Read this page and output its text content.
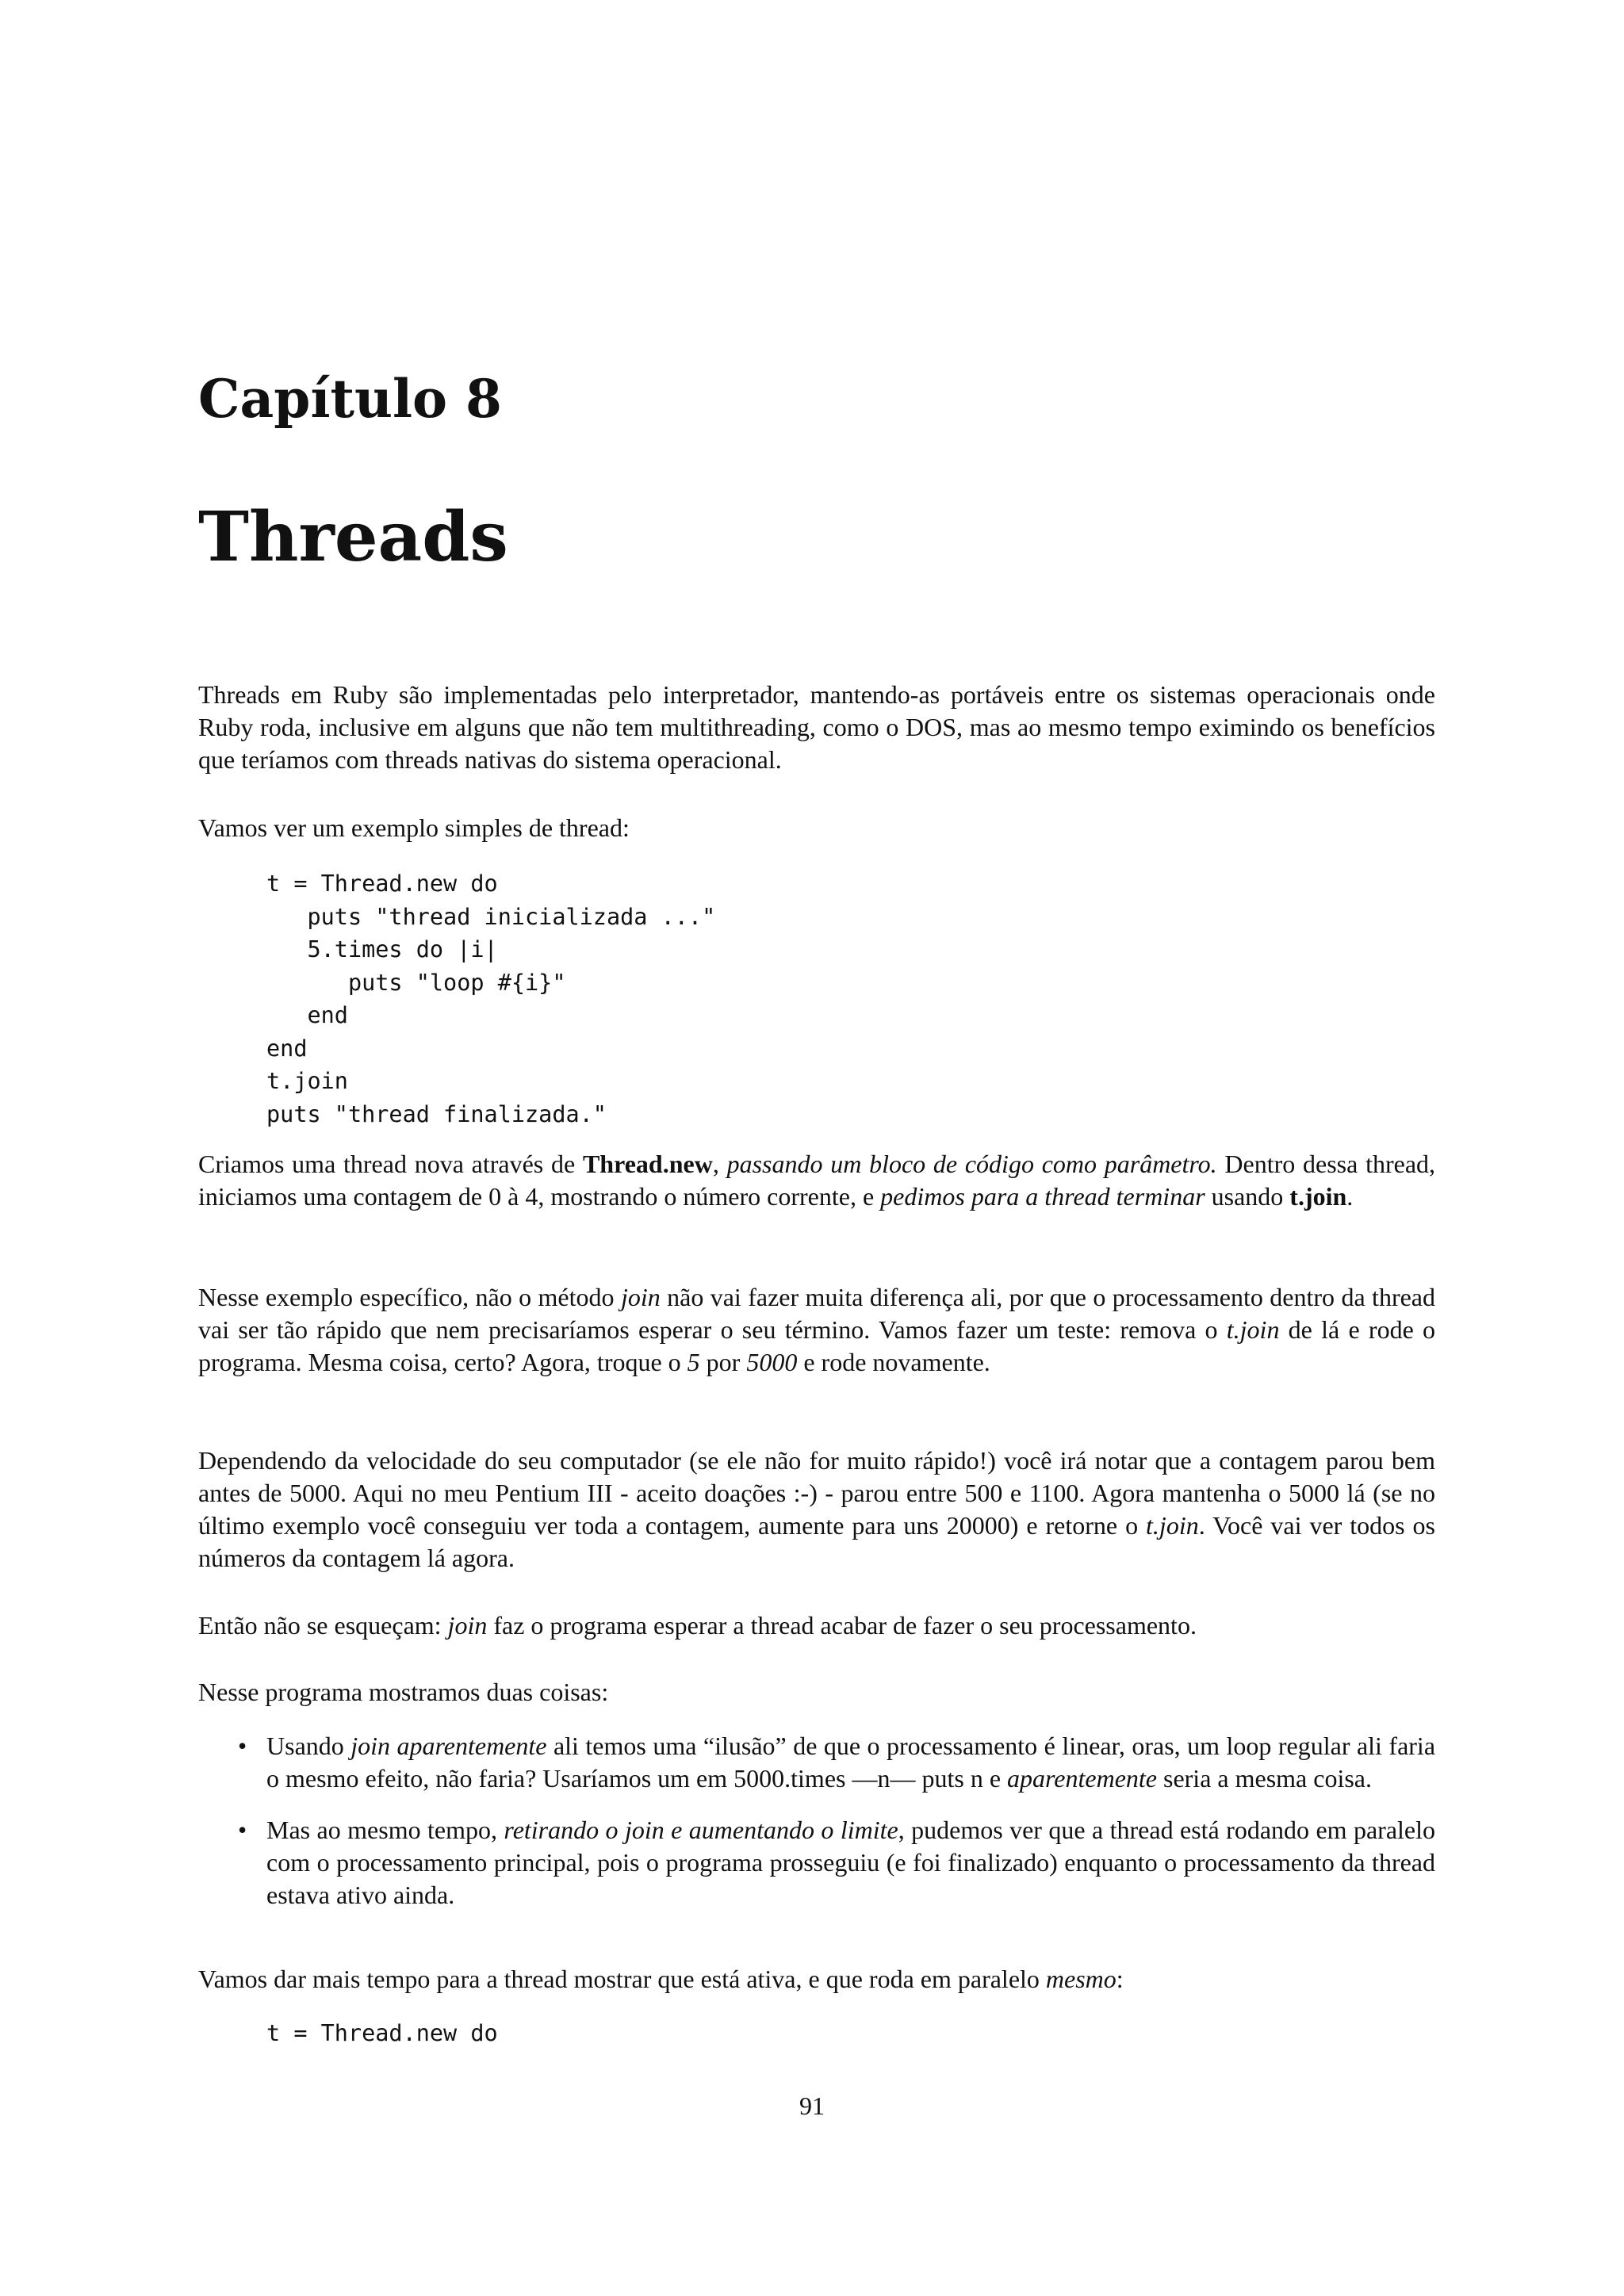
Capítulo 8
Threads

Threads em Ruby são implementadas pelo interpretador, mantendo-as portáveis entre os sistemas operacionais onde Ruby roda, inclusive em alguns que não tem multithreading, como o DOS, mas ao mesmo tempo eximindo os benefícios que teríamos com threads nativas do sistema operacional.

Vamos ver um exemplo simples de thread:

t = Thread.new do
puts "thread inicializada ..."
5.times do |i|
puts "loop #{i}"
end
end
t.join
puts "thread finalizada."

Criamos uma thread nova através de Thread.new, passando um bloco de código como parâmetro. Dentro dessa thread, iniciamos uma contagem de 0 à 4, mostrando o número corrente, e pedimos para a thread terminar usando t.join.

Nesse exemplo específico, não o método join não vai fazer muita diferença ali, por que o processamento dentro da thread vai ser tão rápido que nem precisaríamos esperar o seu término. Vamos fazer um teste: remova o t.join de lá e rode o programa. Mesma coisa, certo? Agora, troque o 5 por 5000 e rode novamente.

Dependendo da velocidade do seu computador (se ele não for muito rápido!) você irá notar que a contagem parou bem antes de 5000. Aqui no meu Pentium III - aceito doações :-) - parou entre 500 e 1100. Agora mantenha o 5000 lá (se no último exemplo você conseguiu ver toda a contagem, aumente para uns 20000) e retorne o t.join. Você vai ver todos os números da contagem lá agora.

Então não se esqueçam: join faz o programa esperar a thread acabar de fazer o seu processamento.

Nesse programa mostramos duas coisas:

• Usando join aparentemente ali temos uma “ilusão” de que o processamento é linear, oras, um loop regular ali faria o mesmo efeito, não faria? Usaríamos um em 5000.times —n— puts n e aparentemente seria a mesma coisa.
• Mas ao mesmo tempo, retirando o join e aumentando o limite, pudemos ver que a thread está rodando em paralelo com o processamento principal, pois o programa prosseguiu (e foi finalizado) enquanto o processamento da thread estava ativo ainda.

Vamos dar mais tempo para a thread mostrar que está ativa, e que roda em paralelo mesmo:

t = Thread.new do

91
